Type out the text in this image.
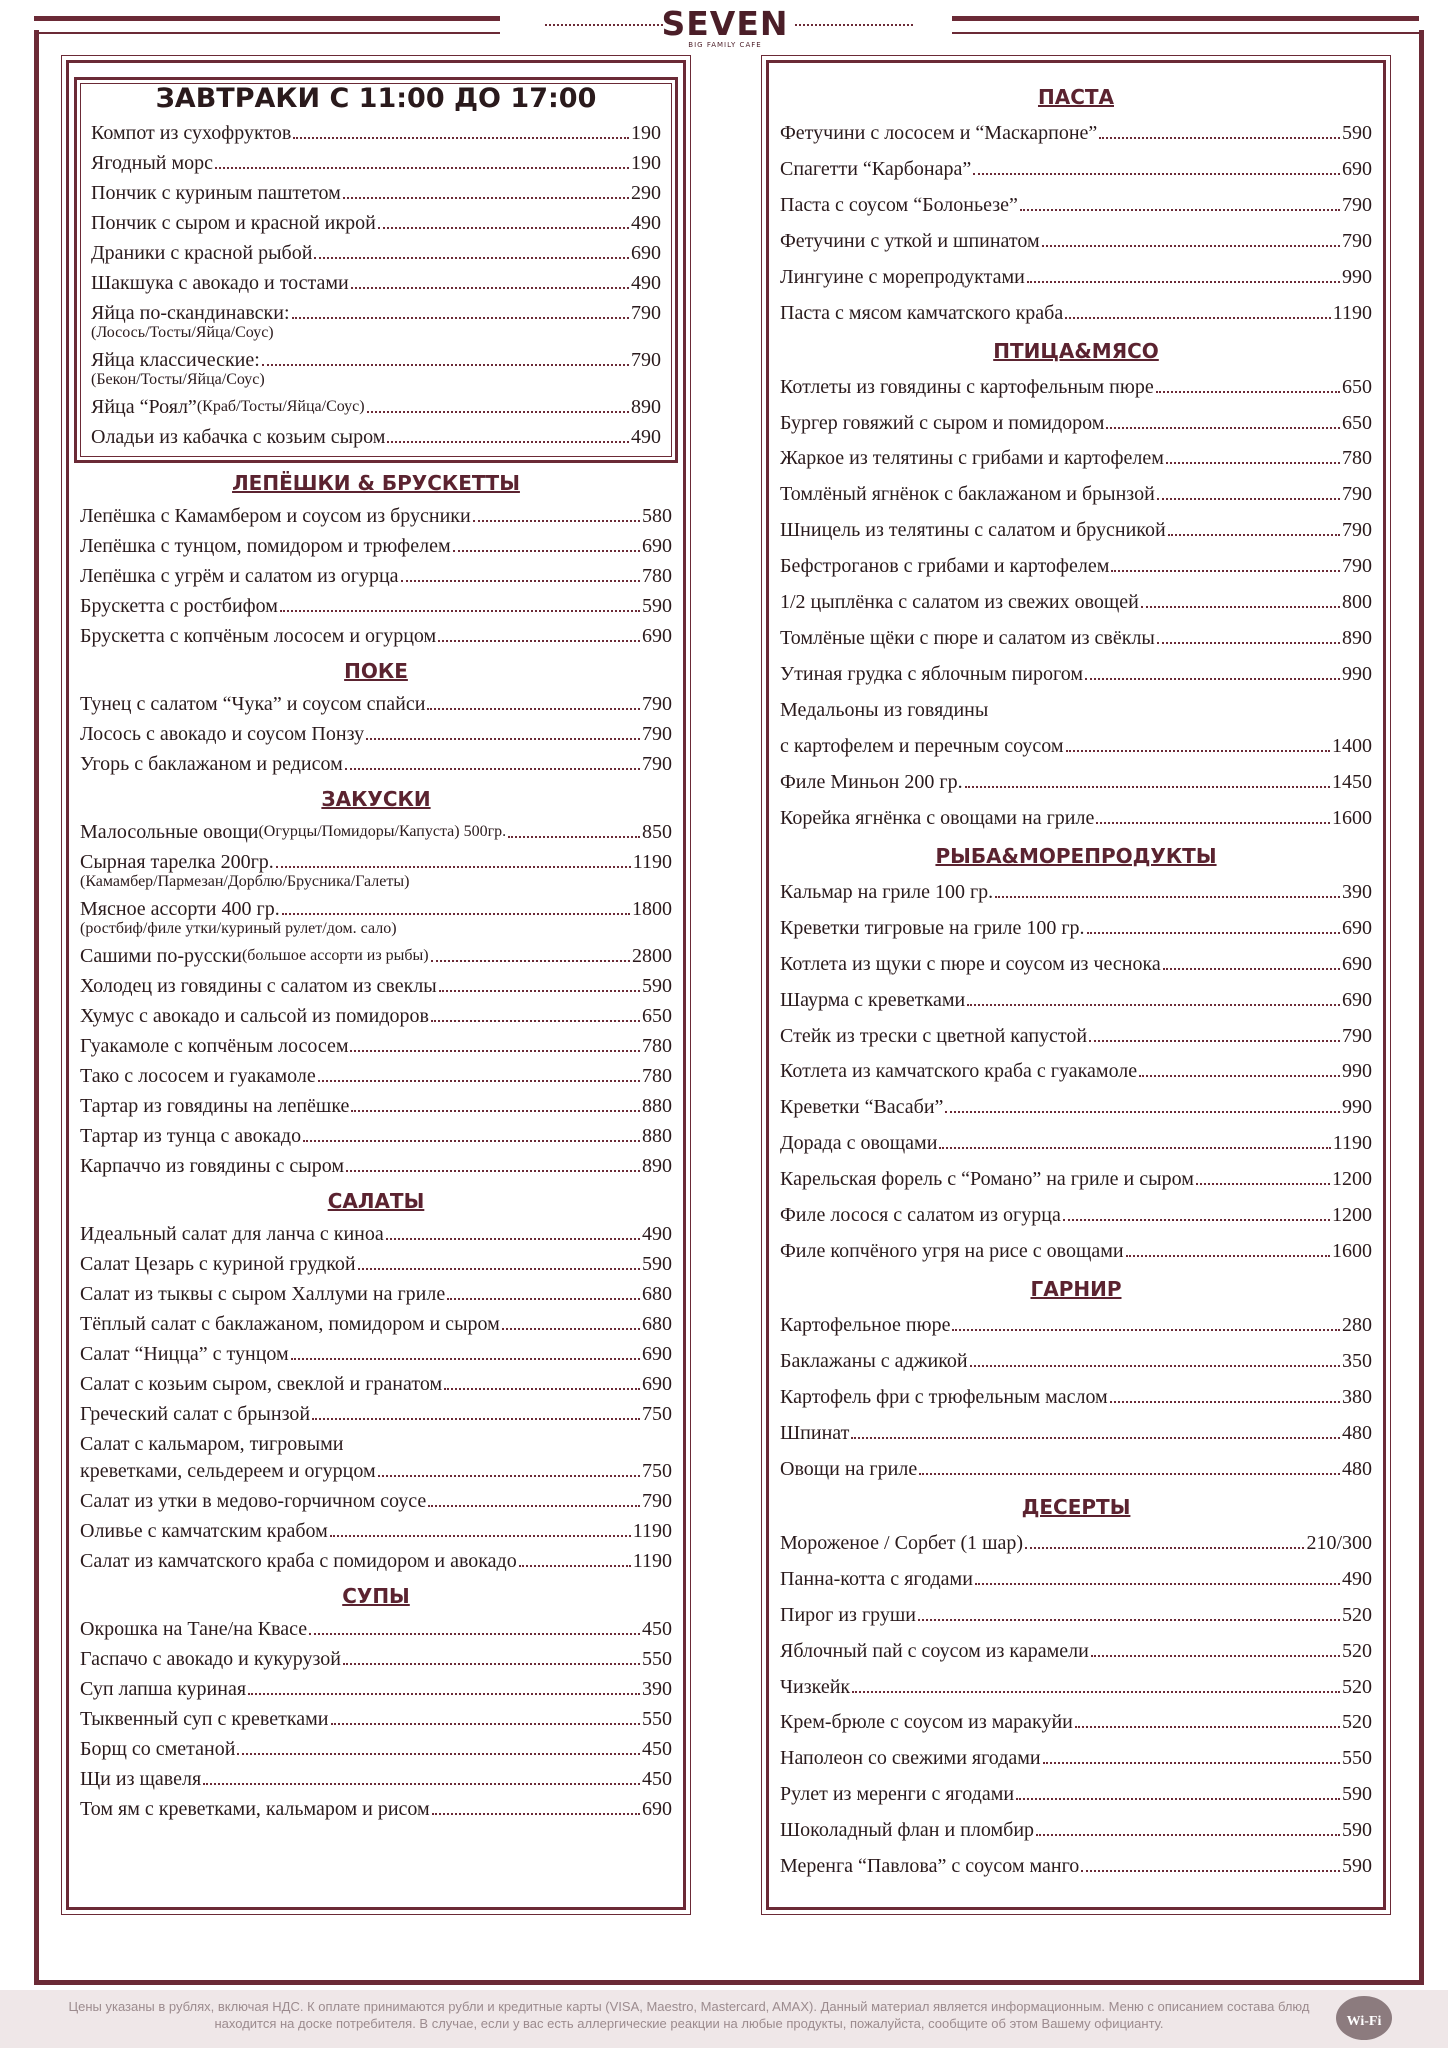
SEVEN
BIG FAMILY CAFE
ЗАВТРАКИ С 11:00 ДО 17:00
Компот из сухофруктов	190
Ягодный морс	190
Пончик с куриным паштетом	290
Пончик с сыром и красной икрой	490
Драники с красной рыбой	690
Шакшука с авокадо и тостами	490
Яйца по-скандинавски:	790
(Лосось/Тосты/Яйца/Соус)
Яйца классические:	790
(Бекон/Тосты/Яйца/Соус)
Яйца “Роял” (Краб/Тосты/Яйца/Соус)	890
Оладьи из кабачка с козьим сыром	490
ЛЕПЁШКИ & БРУСКЕТТЫ
Лепёшка с Камамбером и соусом из брусники	580
Лепёшка с тунцом, помидором и трюфелем	690
Лепёшка с угрём и салатом из огурца	780
Брускетта с ростбифом	590
Брускетта с копчёным лососем и огурцом	690
ПОКЕ
Тунец с салатом “Чука” и соусом спайси	790
Лосось с авокадо и соусом Понзу	790
Угорь с баклажаном и редисом	790
ЗАКУСКИ
Малосольные овощи (Огурцы/Помидоры/Капуста) 500гр.	850
Сырная тарелка 200гр.	1190
(Камамбер/Пармезан/Дорблю/Брусника/Галеты)
Мясное ассорти 400 гр.	1800
(ростбиф/филе утки/куриный рулет/дом. сало)
Сашими по-русски (большое ассорти из рыбы)	2800
Холодец из говядины с салатом из свеклы	590
Хумус с авокадо и сальсой из помидоров	650
Гуакамоле с копчёным лососем	780
Тако с лососем и гуакамоле	780
Тартар из говядины на лепёшке	880
Тартар из тунца с авокадо	880
Карпаччо из говядины с сыром	890
САЛАТЫ
Идеальный салат для ланча с киноа	490
Салат Цезарь с куриной грудкой	590
Салат из тыквы с сыром Халлуми на гриле	680
Тёплый салат с баклажаном, помидором и сыром	680
Салат “Ницца” с тунцом	690
Салат с козьим сыром, свеклой и гранатом	690
Греческий салат с брынзой	750
Салат с кальмаром, тигровыми
креветками, сельдереем и огурцом	750
Салат из утки в медово-горчичном соусе	790
Оливье с камчатским крабом	1190
Салат из камчатского краба с помидором и авокадо	1190
СУПЫ
Окрошка на Тане/на Квасе	450
Гаспачо с авокадо и кукурузой	550
Суп лапша куриная	390
Тыквенный суп с креветками	550
Борщ со сметаной	450
Щи из щавеля	450
Том ям с креветками, кальмаром и рисом	690
ПАСТА
Фетучини с лососем и “Маскарпоне”	590
Спагетти “Карбонара”	690
Паста с соусом “Болоньезе”	790
Фетучини с уткой и шпинатом	790
Лингуине с морепродуктами	990
Паста с мясом камчатского краба	1190
ПТИЦА&МЯСО
Котлеты из говядины с картофельным пюре	650
Бургер говяжий с сыром и помидором	650
Жаркое из телятины с грибами и картофелем	780
Томлёный ягнёнок с баклажаном и брынзой	790
Шницель из телятины с салатом и брусникой	790
Бефстроганов с грибами и картофелем	790
1/2 цыплёнка с салатом из свежих овощей	800
Томлёные щёки с пюре и салатом из свёклы	890
Утиная грудка с яблочным пирогом	990
Медальоны из говядины
с картофелем и перечным соусом	1400
Филе Миньон 200 гр.	1450
Корейка ягнёнка с овощами на гриле	1600
РЫБА&МОРЕПРОДУКТЫ
Кальмар на гриле 100 гр.	390
Креветки тигровые на гриле 100 гр.	690
Котлета из щуки с пюре и соусом из чеснока	690
Шаурма с креветками	690
Стейк из трески с цветной капустой	790
Котлета из камчатского краба с гуакамоле	990
Креветки “Васаби”	990
Дорада с овощами	1190
Карельская форель с “Романо” на гриле и сыром	1200
Филе лосося с салатом из огурца	1200
Филе копчёного угря на рисе с овощами	1600
ГАРНИР
Картофельное пюре	280
Баклажаны с аджикой	350
Картофель фри с трюфельным маслом	380
Шпинат	480
Овощи на гриле	480
ДЕСЕРТЫ
Мороженое / Сорбет (1 шар)	210/300
Панна-котта с ягодами	490
Пирог из груши	520
Яблочный пай с соусом из карамели	520
Чизкейк	520
Крем-брюле с соусом из маракуйи	520
Наполеон со свежими ягодами	550
Рулет из меренги с ягодами	590
Шоколадный флан и пломбир	590
Меренга “Павлова” с соусом манго	590
Цены указаны в рублях, включая НДС. К оплате принимаются рубли и кредитные карты (VISA, Maestro, Mastercard, AMAX). Данный материал является информационным. Меню с описанием состава блюд находится на доске потребителя. В случае, если у вас есть аллергические реакции на любые продукты, пожалуйста, сообщите об этом Вашему официанту.	Wi-Fi
